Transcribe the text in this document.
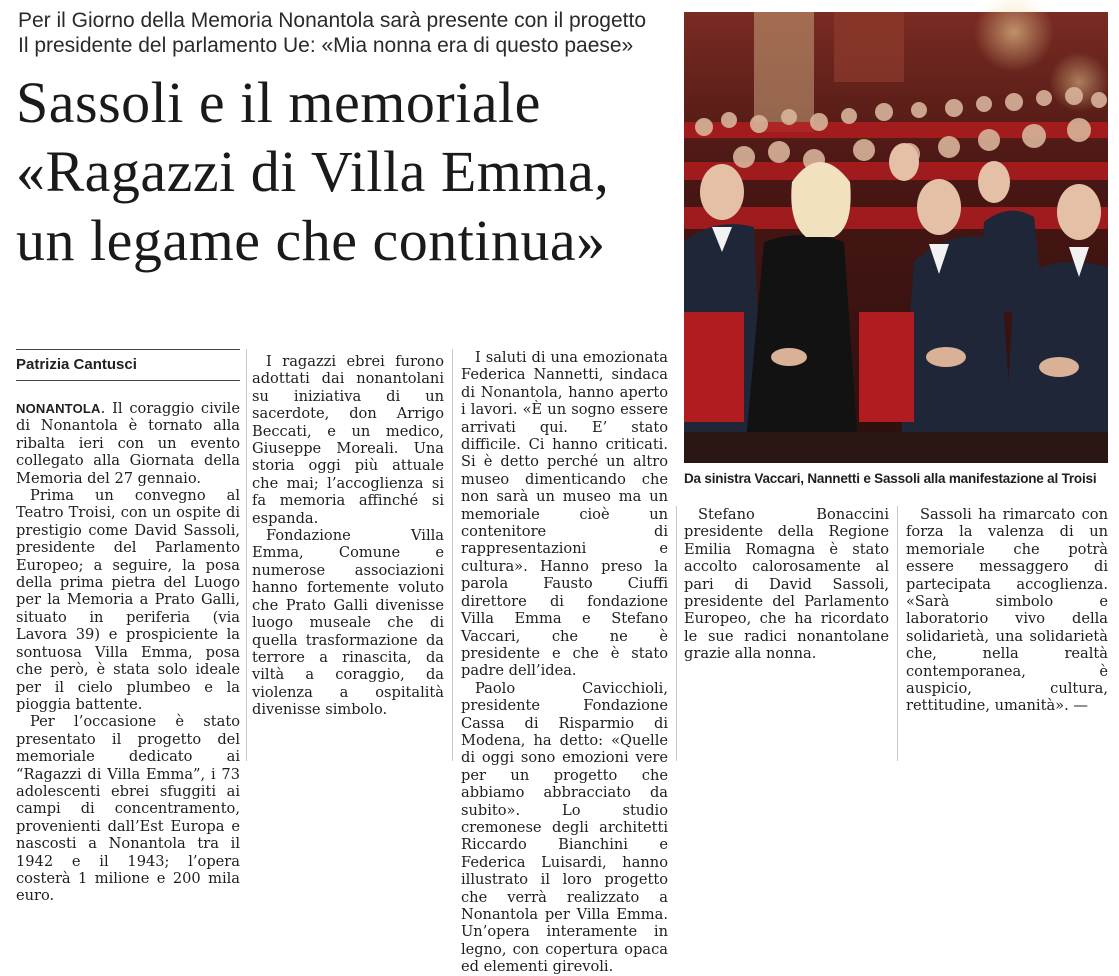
Per il Giorno della Memoria Nonantola sarà presente con il progetto
Il presidente del parlamento Ue: «Mia nonna era di questo paese»
Sassoli e il memoriale
«Ragazzi di Villa Emma,
un legame che continua»
Da sinistra Vaccari, Nannetti e Sassoli alla manifestazione al Troisi
Patrizia Cantusci

NONANTOLA. Il coraggio civile di Nonantola è tornato alla ribalta ieri con un evento collegato alla Giornata della Memoria del 27 gennaio.

Prima un convegno al Teatro Troisi, con un ospite di prestigio come David Sassoli, presidente del Parlamento Europeo; a seguire, la posa della prima pietra del Luogo per la Memoria a Prato Galli, situato in periferia (via Lavora 39) e prospiciente la sontuosa Villa Emma, posa che però, è stata solo ideale per il cielo plumbeo e la pioggia battente.

Per l’occasione è stato presentato il progetto del memoriale dedicato ai “Ragazzi di Villa Emma”, i 73 adolescenti ebrei sfuggiti ai campi di concentramento, provenienti dall’Est Europa e nascosti a Nonantola tra il 1942 e il 1943; l’opera costerà 1 milione e 200 mila euro.

I ragazzi ebrei furono adottati dai nonantolani su iniziativa di un sacerdote, don Arrigo Beccati, e un medico, Giuseppe Moreali. Una storia oggi più attuale che mai; l’accoglienza si fa memoria affinché si espanda.

Fondazione Villa Emma, Comune e numerose associazioni hanno fortemente voluto che Prato Galli divenisse luogo museale che di quella trasformazione da terrore a rinascita, da viltà a coraggio, da violenza a ospitalità divenisse simbolo.

I saluti di una emozionata Federica Nannetti, sindaca di Nonantola, hanno aperto i lavori. «È un sogno essere arrivati qui. E’ stato difficile. Ci hanno criticati. Si è detto perché un altro museo dimenticando che non sarà un museo ma un memoriale cioè un contenitore di rappresentazioni e cultura». Hanno preso la parola Fausto Ciuffi direttore di fondazione Villa Emma e Stefano Vaccari, che ne è presidente e che è stato padre dell’idea.

Paolo Cavicchioli, presidente Fondazione Cassa di Risparmio di Modena, ha detto: «Quelle di oggi sono emozioni vere per un progetto che abbiamo abbracciato da subito». Lo studio cremonese degli architetti Riccardo Bianchini e Federica Luisardi, hanno illustrato il loro progetto che verrà realizzato a Nonantola per Villa Emma. Un’opera interamente in legno, con copertura opaca ed elementi girevoli.

Stefano Bonaccini presidente della Regione Emilia Romagna è stato accolto calorosamente al pari di David Sassoli, presidente del Parlamento Europeo, che ha ricordato le sue radici nonantolane grazie alla nonna.

Sassoli ha rimarcato con forza la valenza di un memoriale che potrà essere messaggero di partecipata accoglienza. «Sarà simbolo e laboratorio vivo della solidarietà, una solidarietà che, nella realtà contemporanea, è auspicio, cultura, rettitudine, umanità». —
